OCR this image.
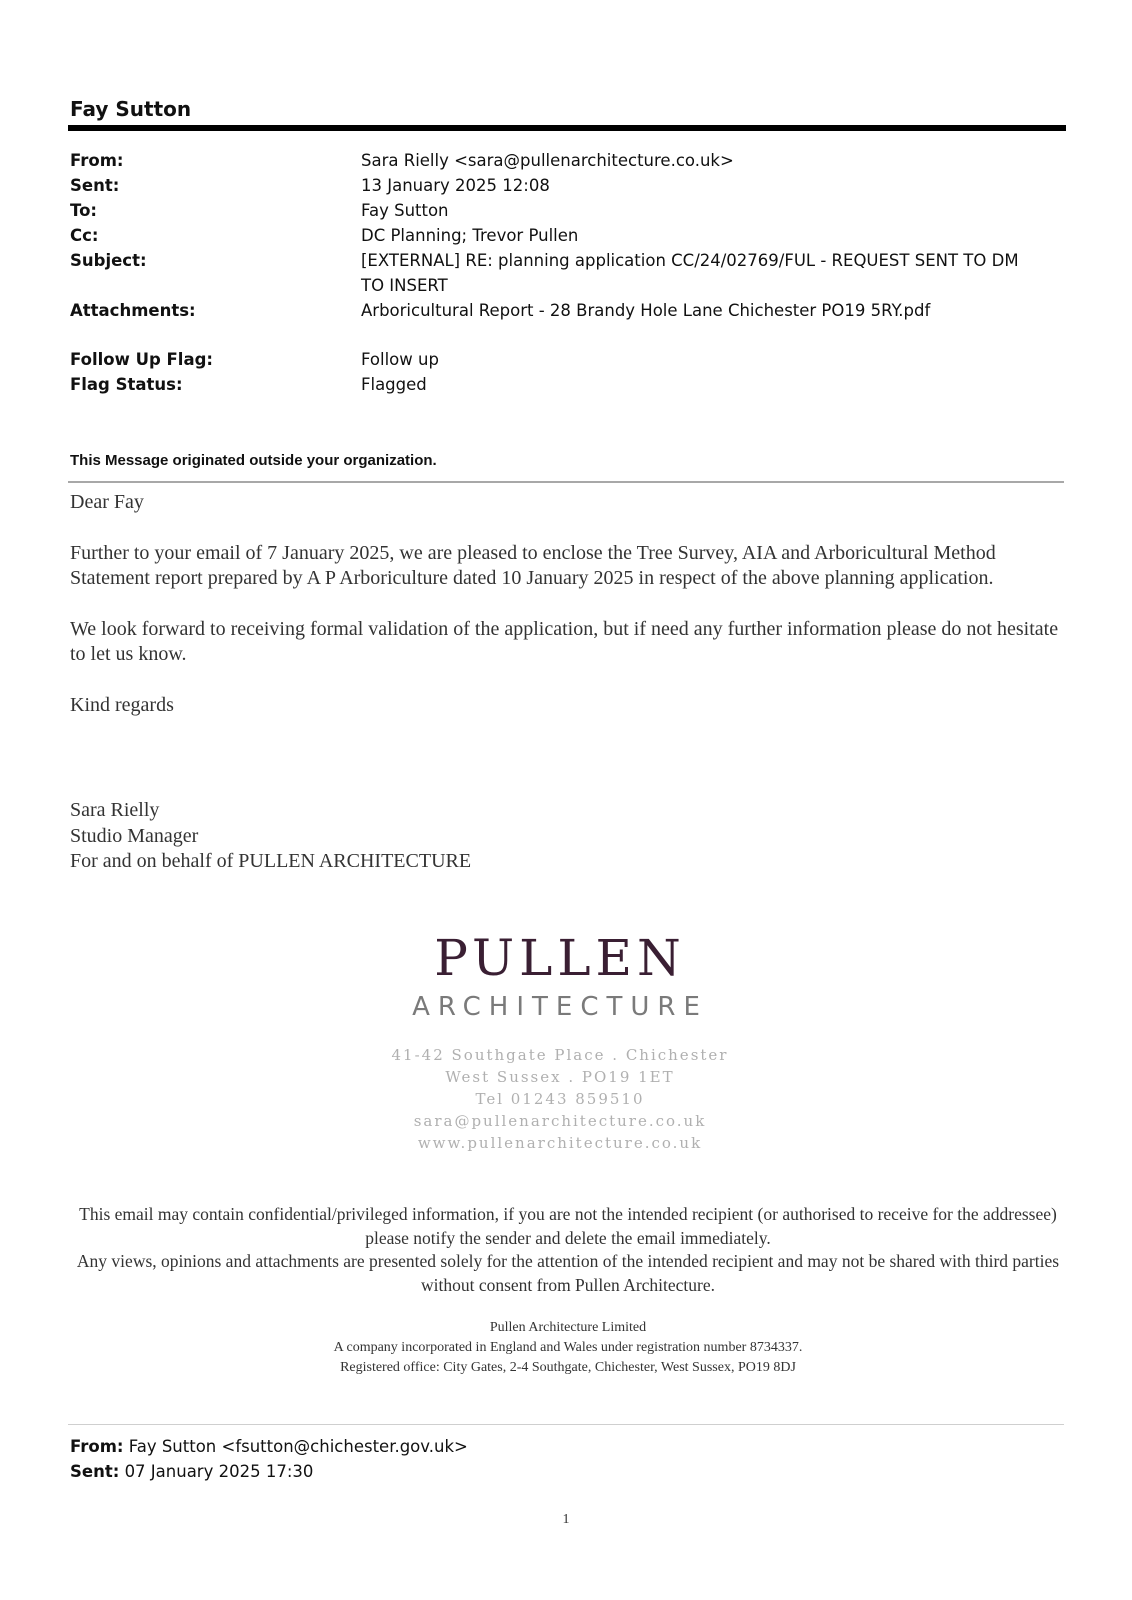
Fay Sutton
From:	Sara Rielly <sara@pullenarchitecture.co.uk>
Sent:	13 January 2025 12:08
To:	Fay Sutton
Cc:	DC Planning; Trevor Pullen
Subject:	[EXTERNAL] RE: planning application CC/24/02769/FUL - REQUEST SENT TO DM
TO INSERT
Attachments:	Arboricultural Report - 28 Brandy Hole Lane Chichester PO19 5RY.pdf
Follow Up Flag:	Follow up
Flag Status:	Flagged
This Message originated outside your organization.

Dear Fay

Further to your email of 7 January 2025, we are pleased to enclose the Tree Survey, AIA and Arboricultural Method Statement report prepared by A P Arboriculture dated 10 January 2025 in respect of the above planning application.

We look forward to receiving formal validation of the application, but if need any further information please do not hesitate to let us know.

Kind regards

Sara Rielly
Studio Manager
For and on behalf of PULLEN ARCHITECTURE
PULLEN
ARCHITECTURE
41-42 Southgate Place . Chichester
West Sussex . PO19 1ET
Tel 01243 859510
sara@pullenarchitecture.co.uk
www.pullenarchitecture.co.uk
This email may contain confidential/privileged information, if you are not the intended recipient (or authorised to receive for the addressee) please notify the sender and delete the email immediately.
Any views, opinions and attachments are presented solely for the attention of the intended recipient and may not be shared with third parties without consent from Pullen Architecture.
Pullen Architecture Limited
A company incorporated in England and Wales under registration number 8734337.
Registered office: City Gates, 2-4 Southgate, Chichester, West Sussex, PO19 8DJ
From: Fay Sutton <fsutton@chichester.gov.uk>
Sent: 07 January 2025 17:30
1
